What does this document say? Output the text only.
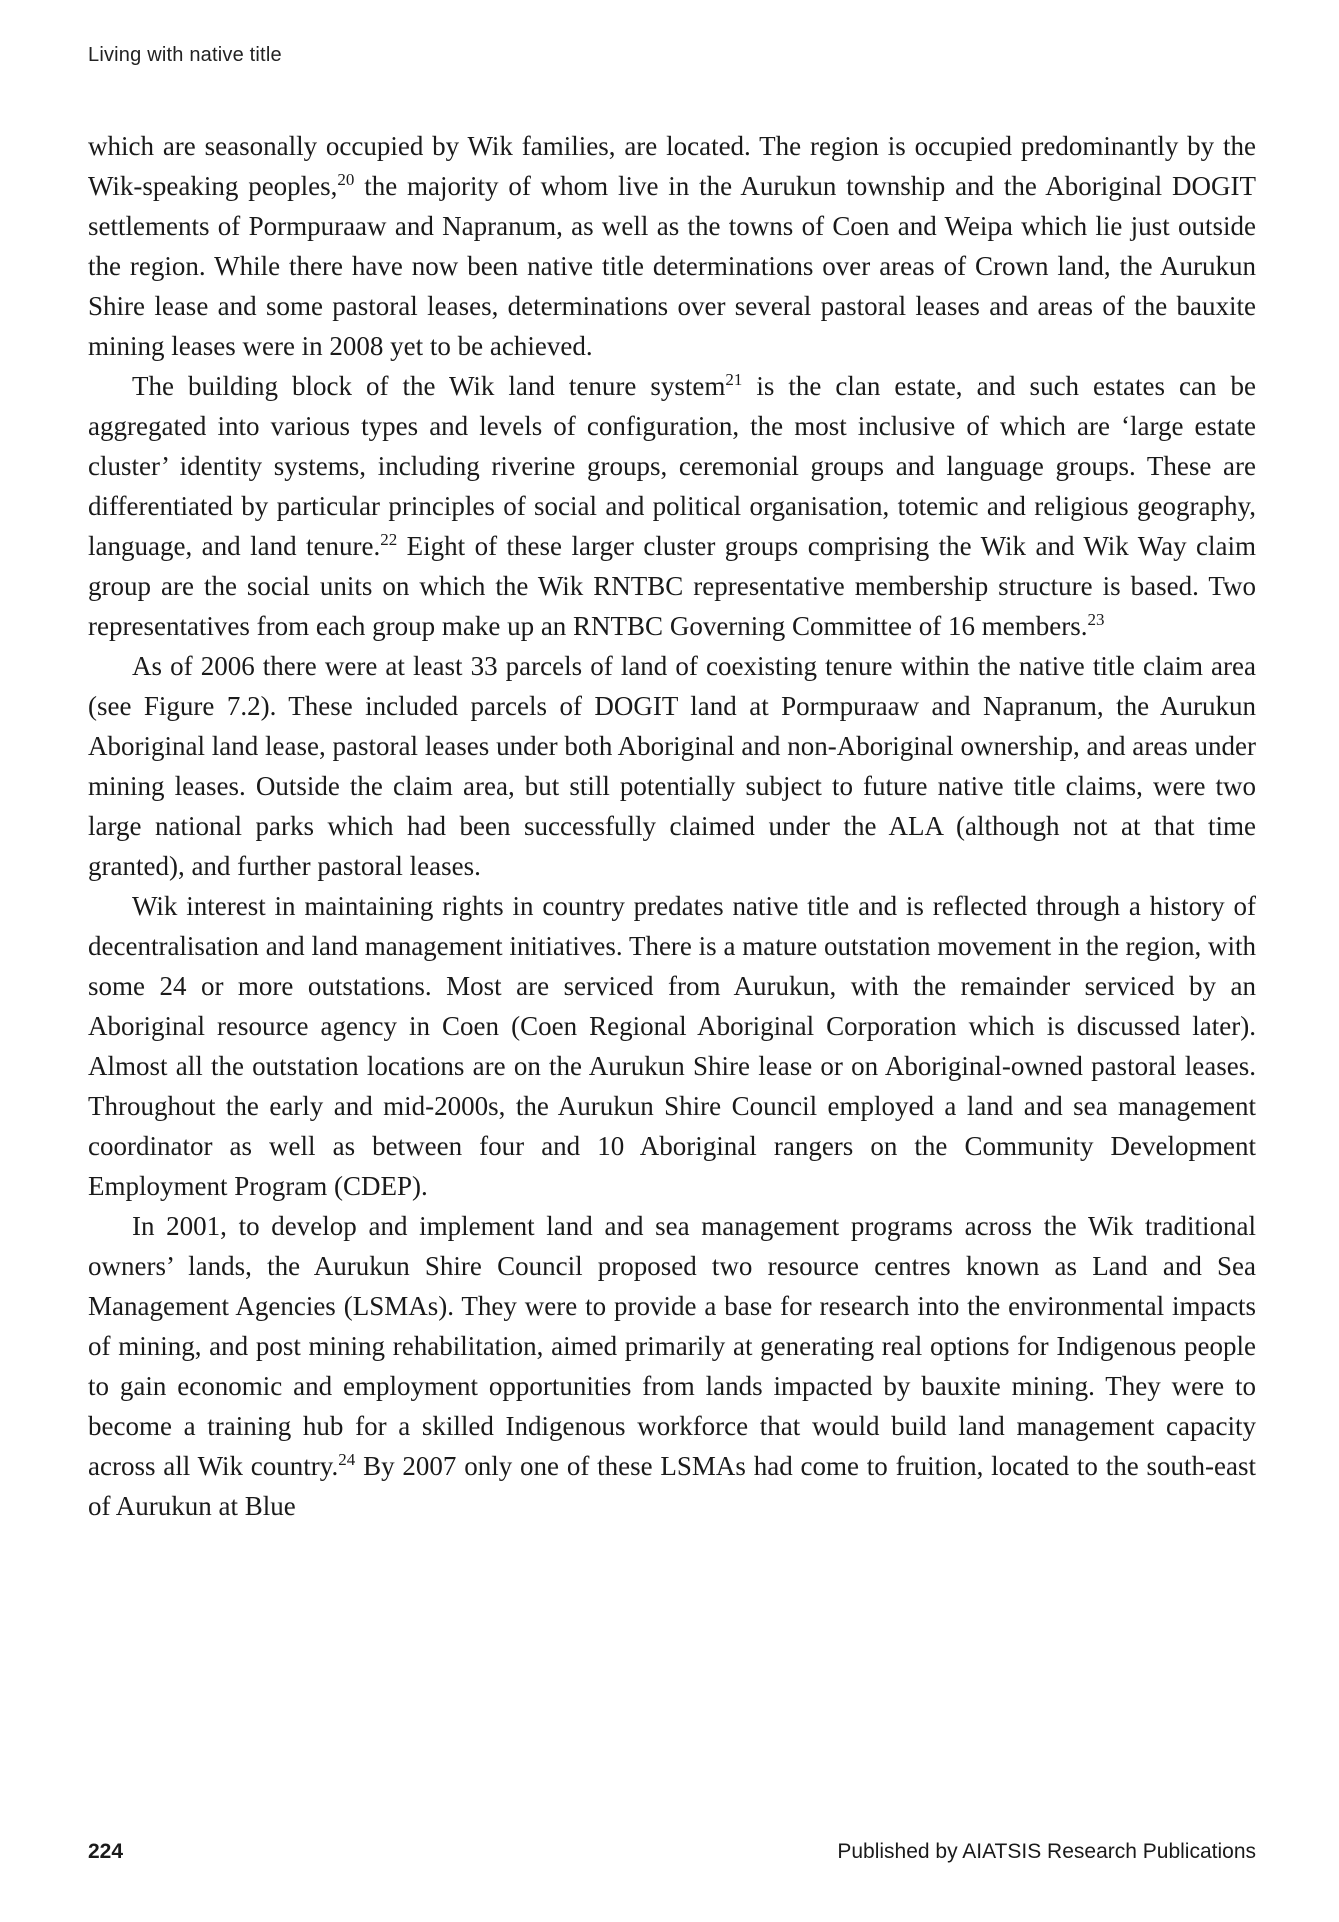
Living with native title

which are seasonally occupied by Wik families, are located. The region is occupied predominantly by the Wik-speaking peoples,$^{20}$ the majority of whom live in the Aurukun township and the Aboriginal DOGIT settlements of Pormpuraaw and Napranum, as well as the towns of Coen and Weipa which lie just outside the region. While there have now been native title determinations over areas of Crown land, the Aurukun Shire lease and some pastoral leases, determinations over several pastoral leases and areas of the bauxite mining leases were in 2008 yet to be achieved.

The building block of the Wik land tenure system$^{21}$ is the clan estate, and such estates can be aggregated into various types and levels of configuration, the most inclusive of which are ‘large estate cluster’ identity systems, including riverine groups, ceremonial groups and language groups. These are differentiated by particular principles of social and political organisation, totemic and religious geography, language, and land tenure.$^{22}$ Eight of these larger cluster groups comprising the Wik and Wik Way claim group are the social units on which the Wik RNTBC representative membership structure is based. Two representatives from each group make up an RNTBC Governing Committee of 16 members.$^{23}$

As of 2006 there were at least 33 parcels of land of coexisting tenure within the native title claim area (see Figure 7.2). These included parcels of DOGIT land at Pormpuraaw and Napranum, the Aurukun Aboriginal land lease, pastoral leases under both Aboriginal and non-Aboriginal ownership, and areas under mining leases. Outside the claim area, but still potentially subject to future native title claims, were two large national parks which had been successfully claimed under the ALA (although not at that time granted), and further pastoral leases.

Wik interest in maintaining rights in country predates native title and is reflected through a history of decentralisation and land management initiatives. There is a mature outstation movement in the region, with some 24 or more outstations. Most are serviced from Aurukun, with the remainder serviced by an Aboriginal resource agency in Coen (Coen Regional Aboriginal Corporation which is discussed later). Almost all the outstation locations are on the Aurukun Shire lease or on Aboriginal-owned pastoral leases. Throughout the early and mid-2000s, the Aurukun Shire Council employed a land and sea management coordinator as well as between four and 10 Aboriginal rangers on the Community Development Employment Program (CDEP).

In 2001, to develop and implement land and sea management programs across the Wik traditional owners’ lands, the Aurukun Shire Council proposed two resource centres known as Land and Sea Management Agencies (LSMAs). They were to provide a base for research into the environmental impacts of mining, and post mining rehabilitation, aimed primarily at generating real options for Indigenous people to gain economic and employment opportunities from lands impacted by bauxite mining. They were to become a training hub for a skilled Indigenous workforce that would build land management capacity across all Wik country.$^{24}$ By 2007 only one of these LSMAs had come to fruition, located to the south-east of Aurukun at Blue

224	Published by AIATSIS Research Publications
